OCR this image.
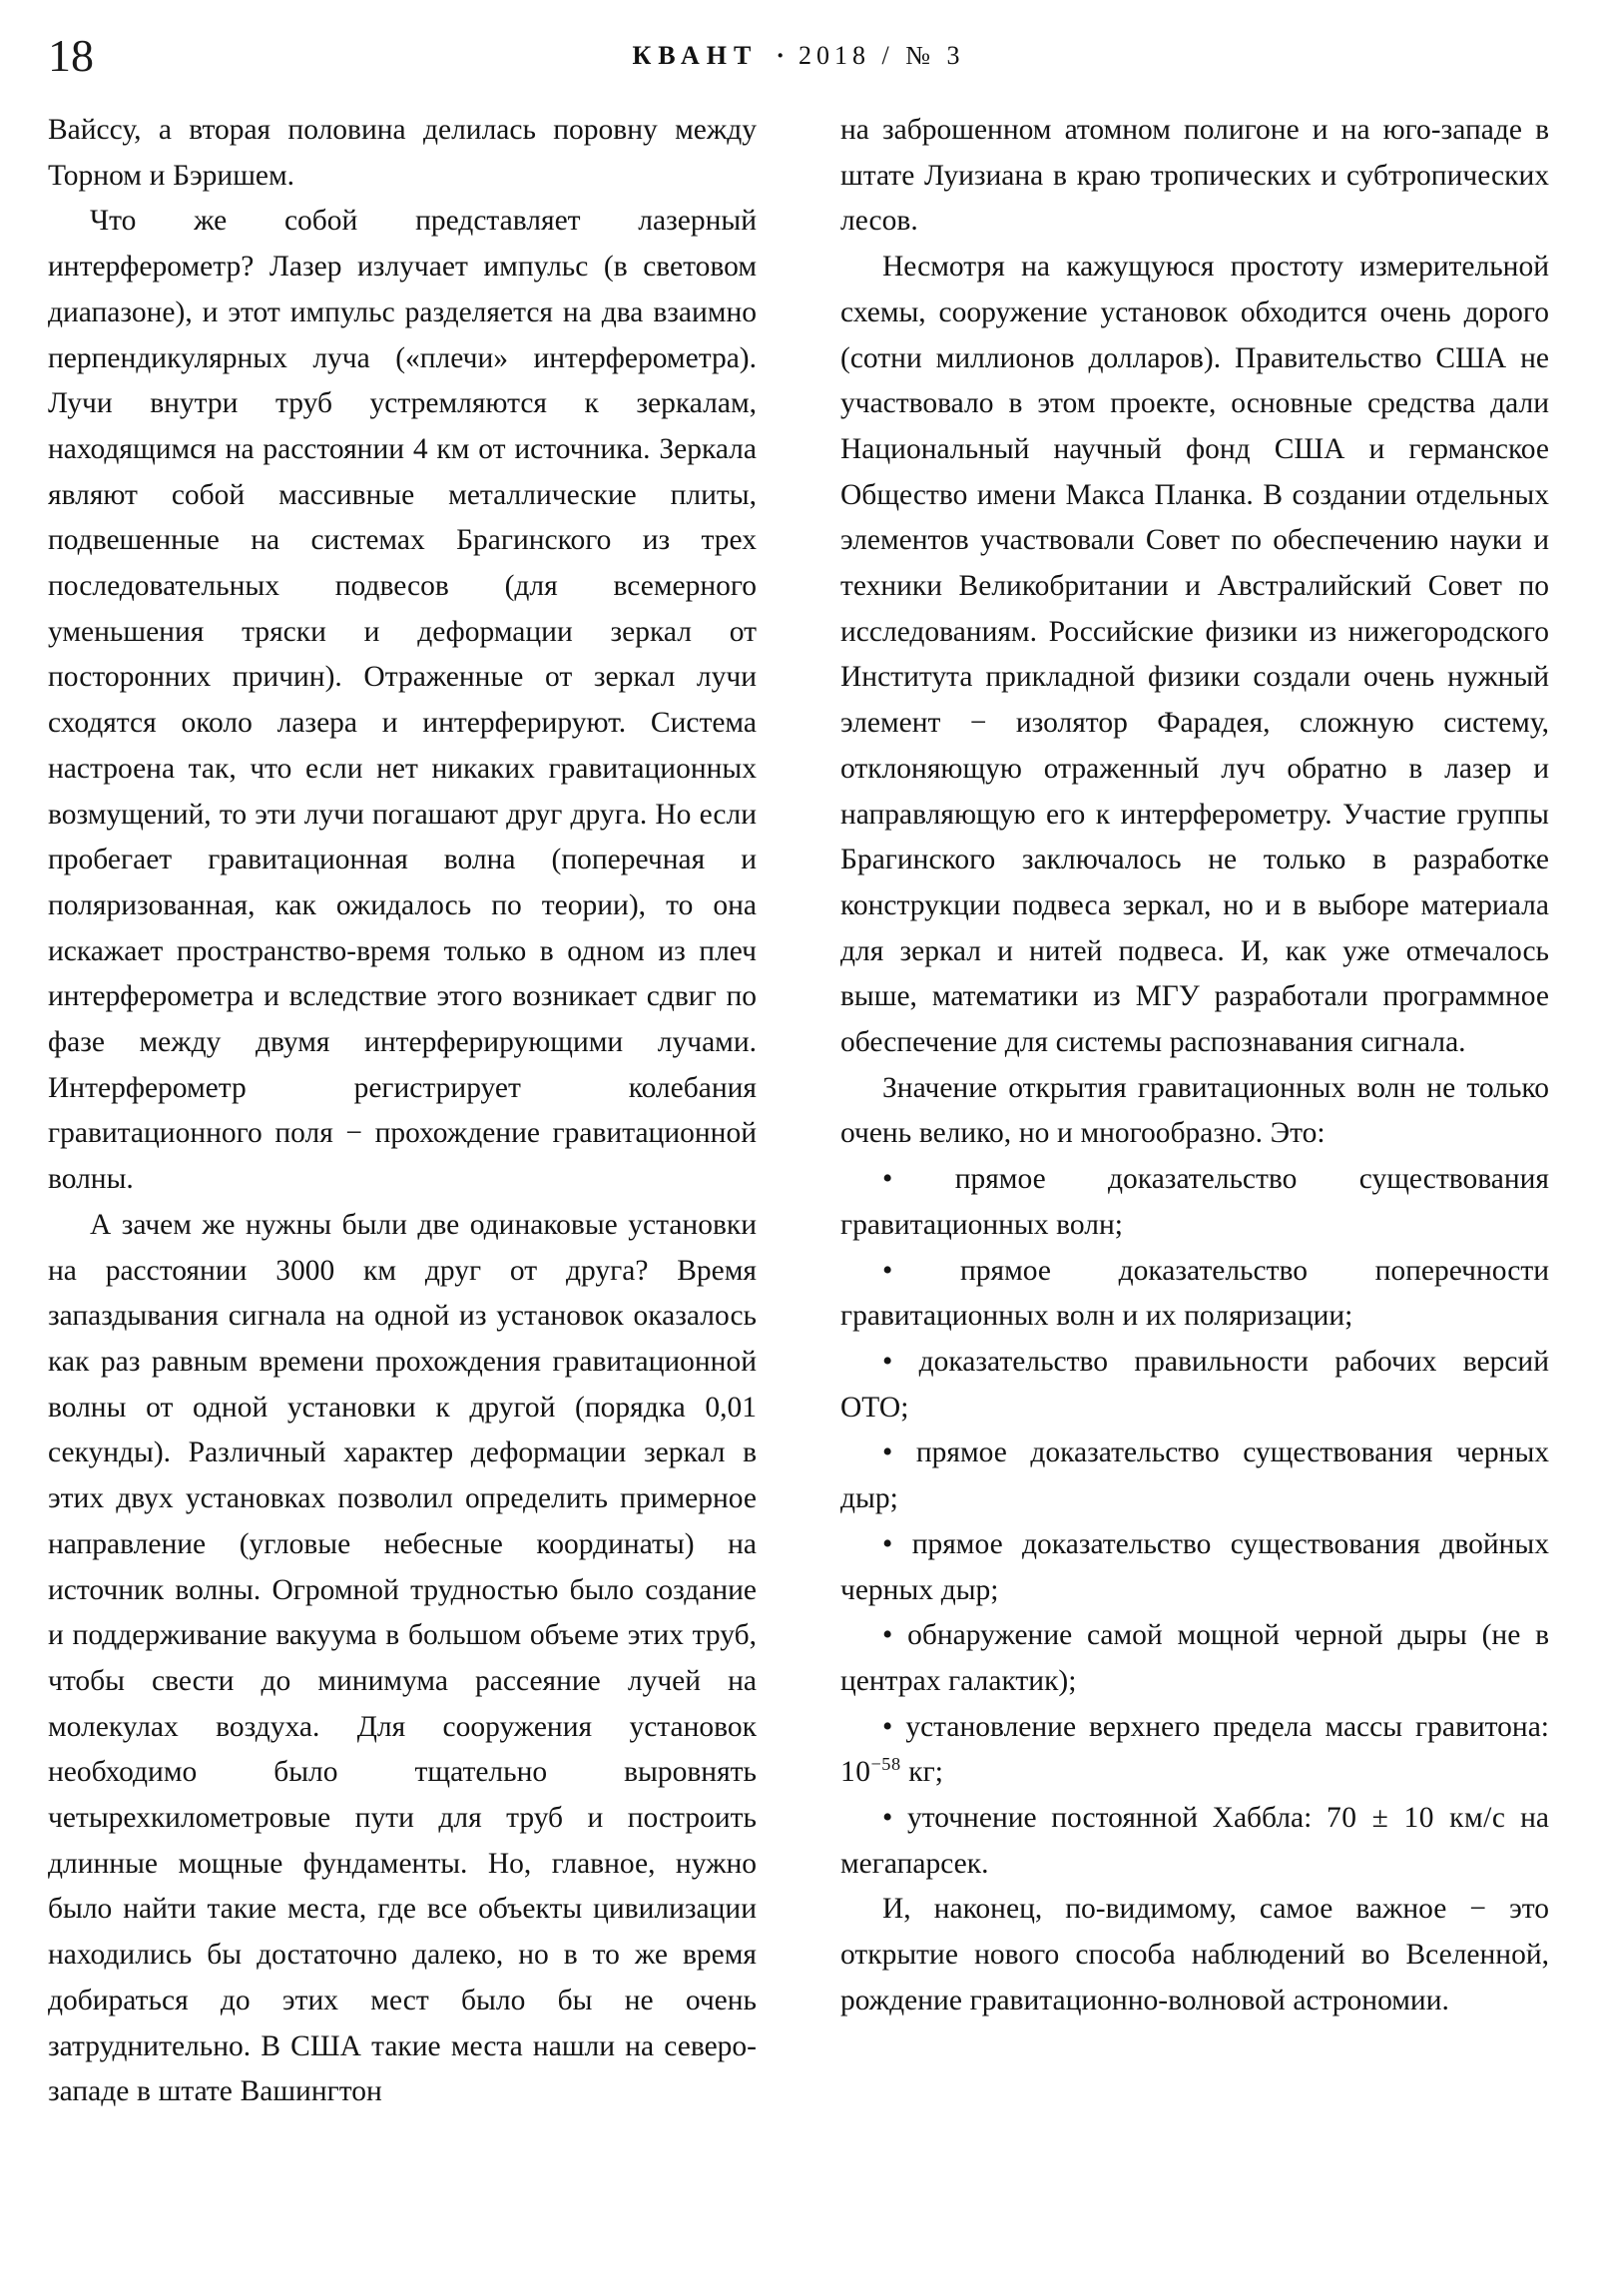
18	КВАНТ · 2018 / № 3

Вайссу, а вторая половина делилась поровну между Торном и Бэришем.

Что же собой представляет лазерный интерферометр? Лазер излучает импульс (в световом диапазоне), и этот импульс разделяется на два взаимно перпендикулярных луча («плечи» интерферометра). Лучи внутри труб устремляются к зеркалам, находящимся на расстоянии 4 км от источника. Зеркала являют собой массивные металлические плиты, подвешенные на системах Брагинского из трех последовательных подвесов (для всемерного уменьшения тряски и деформации зеркал от посторонних причин). Отраженные от зеркал лучи сходятся около лазера и интерферируют. Система настроена так, что если нет никаких гравитационных возмущений, то эти лучи погашают друг друга. Но если пробегает гравитационная волна (поперечная и поляризованная, как ожидалось по теории), то она искажает пространство-время только в одном из плеч интерферометра и вследствие этого возникает сдвиг по фазе между двумя интерферирующими лучами. Интерферометр регистрирует колебания гравитационного поля − прохождение гравитационной волны.

А зачем же нужны были две одинаковые установки на расстоянии 3000 км друг от друга? Время запаздывания сигнала на одной из установок оказалось как раз равным времени прохождения гравитационной волны от одной установки к другой (порядка 0,01 секунды). Различный характер деформации зеркал в этих двух установках позволил определить примерное направление (угловые небесные координаты) на источник волны. Огромной трудностью было создание и поддерживание вакуума в большом объеме этих труб, чтобы свести до минимума рассеяние лучей на молекулах воздуха. Для сооружения установок необходимо было тщательно выровнять четырехкилометровые пути для труб и построить длинные мощные фундаменты. Но, главное, нужно было найти такие места, где все объекты цивилизации находились бы достаточно далеко, но в то же время добираться до этих мест было бы не очень затруднительно. В США такие места нашли на северо-западе в штате Вашингтон

на заброшенном атомном полигоне и на юго-западе в штате Луизиана в краю тропических и субтропических лесов.

Несмотря на кажущуюся простоту измерительной схемы, сооружение установок обходится очень дорого (сотни миллионов долларов). Правительство США не участвовало в этом проекте, основные средства дали Национальный научный фонд США и германское Общество имени Макса Планка. В создании отдельных элементов участвовали Совет по обеспечению науки и техники Великобритании и Австралийский Совет по исследованиям. Российские физики из нижегородского Института прикладной физики создали очень нужный элемент − изолятор Фарадея, сложную систему, отклоняющую отраженный луч обратно в лазер и направляющую его к интерферометру. Участие группы Брагинского заключалось не только в разработке конструкции подвеса зеркал, но и в выборе материала для зеркал и нитей подвеса. И, как уже отмечалось выше, математики из МГУ разработали программное обеспечение для системы распознавания сигнала.

Значение открытия гравитационных волн не только очень велико, но и многообразно. Это:

• прямое доказательство существования гравитационных волн;

• прямое доказательство поперечности гравитационных волн и их поляризации;

• доказательство правильности рабочих версий ОТО;

• прямое доказательство существования черных дыр;

• прямое доказательство существования двойных черных дыр;

• обнаружение самой мощной черной дыры (не в центрах галактик);

• установление верхнего предела массы гравитона: $10^{-58}$ кг;

• уточнение постоянной Хаббла: 70 ± 10 км/с на мегапарсек.

И, наконец, по-видимому, самое важное − это открытие нового способа наблюдений во Вселенной, рождение гравитационно-волновой астрономии.
